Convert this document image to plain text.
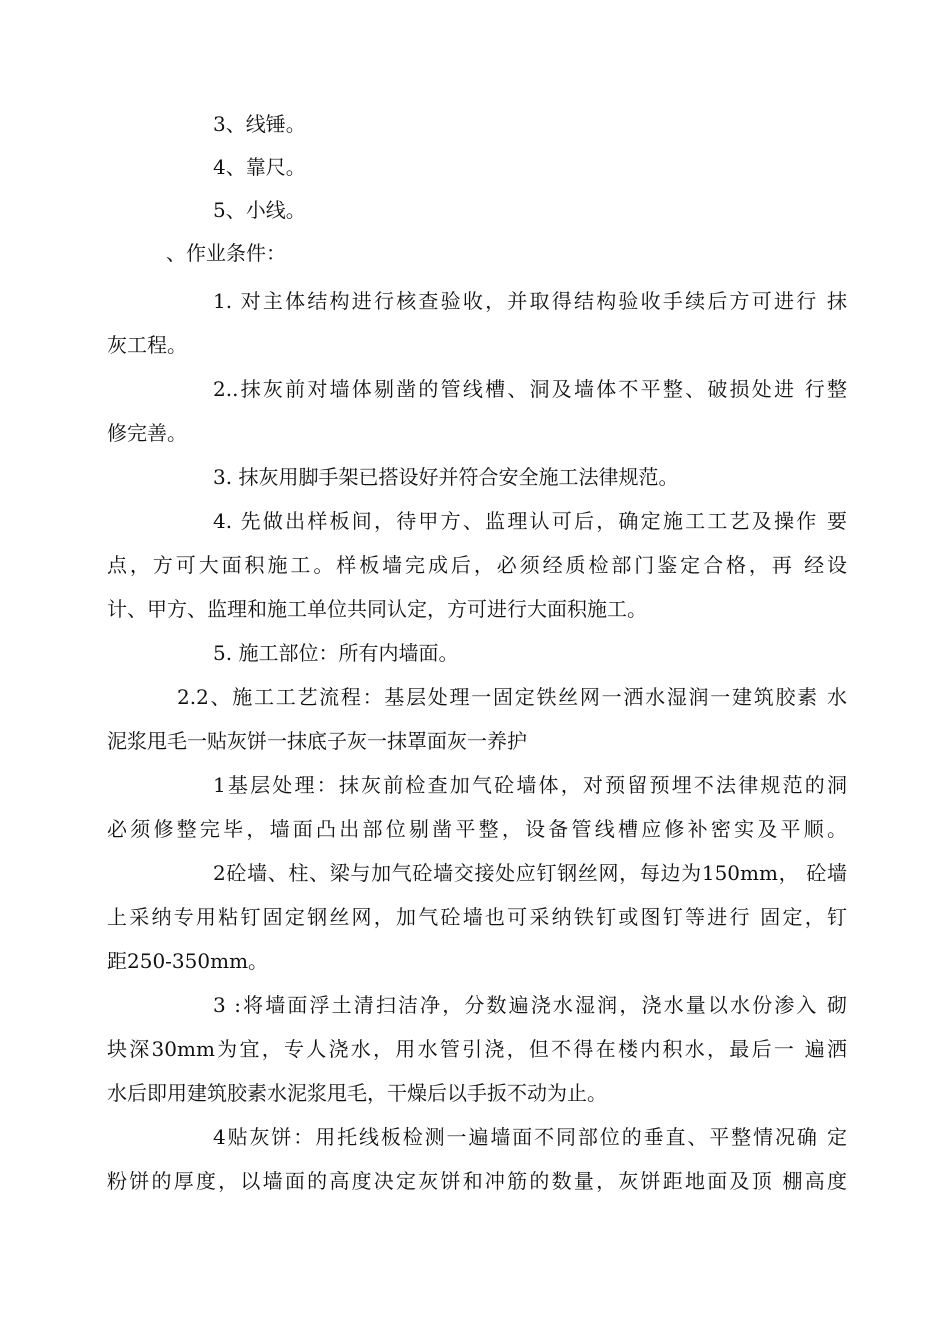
3、线锤。
4、靠尺。
5、小线。
、作业条件：
1. 对主体结构进行核查验收，并取得结构验收手续后方可进行 抹
灰工程。
2..抹灰前对墙体剔凿的管线槽、洞及墙体不平整、破损处进 行整
修完善。
3. 抹灰用脚手架已搭设好并符合安全施工法律规范。
4. 先做出样板间，待甲方、监理认可后，确定施工工艺及操作 要
点，方可大面积施工。样板墙完成后，必须经质检部门鉴定合格，再 经设
计、甲方、监理和施工单位共同认定，方可进行大面积施工。
5. 施工部位：所有内墙面。
2.2、施工工艺流程：基层处理一固定铁丝网一洒水湿润一建筑胶素 水
泥浆甩毛一贴灰饼一抹底子灰一抹罩面灰一养护
1基层处理：抹灰前检查加气砼墙体，对预留预埋不法律规范的洞
必须修整完毕，墙面凸出部位剔凿平整，设备管线槽应修补密实及平顺。
2砼墙、柱、梁与加气砼墙交接处应钉钢丝网，每边为150mm， 砼墙
上采纳专用粘钉固定钢丝网，加气砼墙也可采纳铁钉或图钉等进行 固定，钉
距250-350mm。
3 :将墙面浮土清扫洁净，分数遍浇水湿润，浇水量以水份渗入 砌
块深30mm为宜，专人浇水，用水管引浇，但不得在楼内积水，最后一 遍洒
水后即用建筑胶素水泥浆甩毛，干燥后以手扳不动为止。
4贴灰饼：用托线板检测一遍墙面不同部位的垂直、平整情况确 定
粉饼的厚度，以墙面的高度决定灰饼和冲筋的数量，灰饼距地面及顶 棚高度
